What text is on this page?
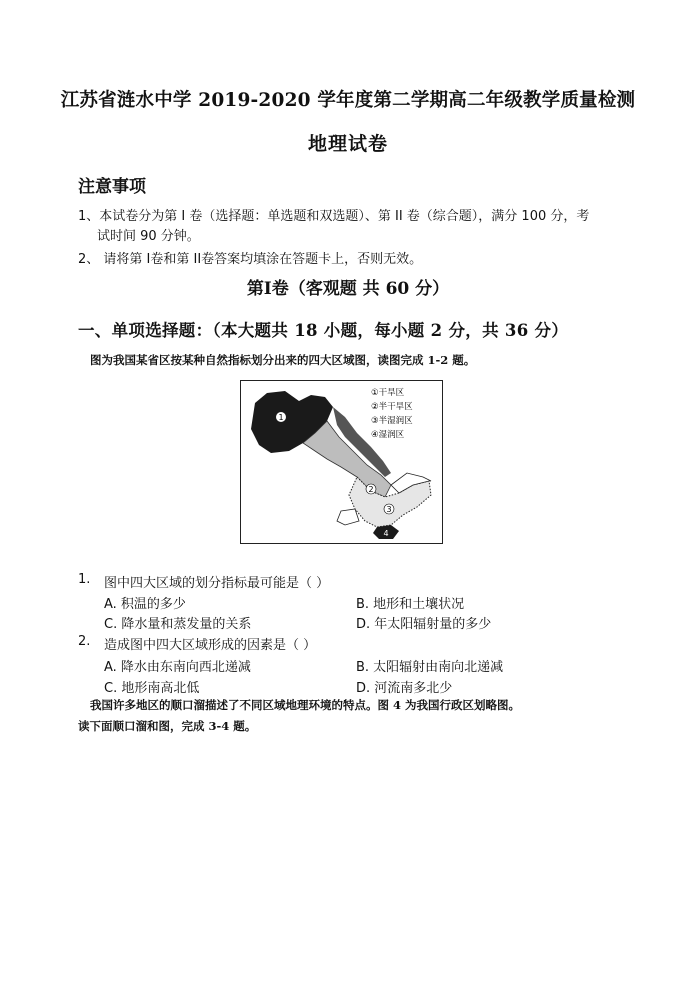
江苏省涟水中学 2019-2020 学年度第二学期高二年级教学质量检测
地理试卷
注意事项
1、本试卷分为第 I 卷（选择题：单选题和双选题）、第 II 卷（综合题），满分 100 分，考
试时间 90 分钟。
2、 请将第 I卷和第 II卷答案均填涂在答题卡上，否则无效。
第Ⅰ卷（客观题 共 60 分）
一、单项选择题：（本大题共 18 小题，每小题 2 分，共 36 分）
图为我国某省区按某种自然指标划分出来的四大区域图，读图完成 1-2 题。
1
2
3
4
①干旱区
②半干旱区
③半湿润区
④湿润区
1. 图中四大区域的划分指标最可能是（ ）
A. 积温的多少	B. 地形和土壤状况
C. 降水量和蒸发量的关系	D. 年太阳辐射量的多少
2. 造成图中四大区域形成的因素是（ ）
A. 降水由东南向西北递减	B. 太阳辐射由南向北递减
C. 地形南高北低	D. 河流南多北少
我国许多地区的顺口溜描述了不同区域地理环境的特点。图 4 为我国行政区划略图。
读下面顺口溜和图，完成 3-4 题。
